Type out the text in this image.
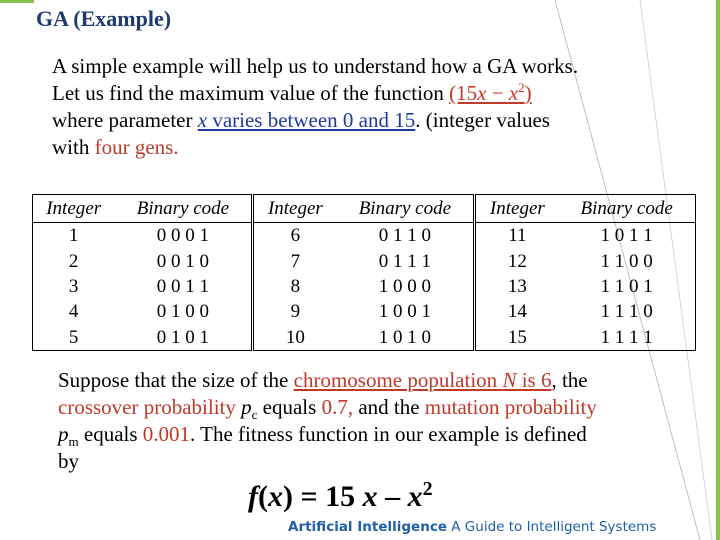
GA (Example)
A simple example will help us to understand how a GA works.
Let us find the maximum value of the function $(15x - x^2)$
where parameter x varies between 0 and 15. (integer values
with four gens.
Integer	Binary code	Integer	Binary code	Integer	Binary code
1	0 0 0 1	6	0 1 1 0	11	1 0 1 1
2	0 0 1 0	7	0 1 1 1	12	1 1 0 0
3	0 0 1 1	8	1 0 0 0	13	1 1 0 1
4	0 1 0 0	9	1 0 0 1	14	1 1 1 0
5	0 1 0 1	10	1 0 1 0	15	1 1 1 1
Suppose that the size of the chromosome population N is 6, the
crossover probability $p_c$ equals 0.7, and the mutation probability
$p_m$ equals 0.001. The fitness function in our example is defined
by
f(x) = 15 x – $x^2$
Artificial Intelligence A Guide to Intelligent Systems
